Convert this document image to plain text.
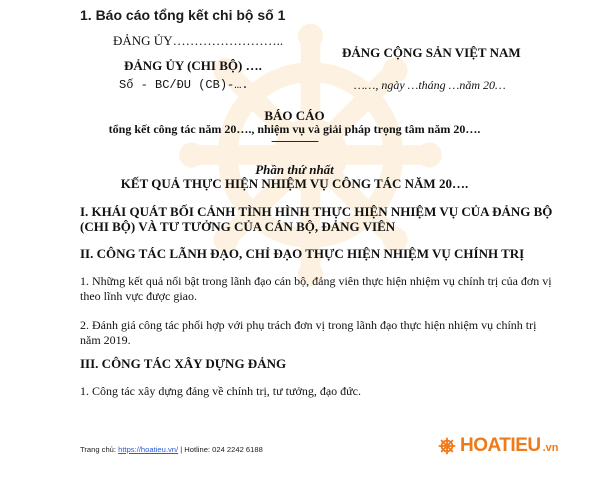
1. Báo cáo tổng kết chi bộ số 1
ĐẢNG ỦY……………………..
ĐẢNG CỘNG SẢN VIỆT NAM
ĐẢNG ỦY (CHI BỘ) ….
Số - BC/ĐU (CB)-….	……, ngày …tháng …năm 20…
BÁO CÁO
tổng kết công tác năm 20…., nhiệm vụ và giải pháp trọng tâm năm 20….
--------------------
Phần thứ nhất
KẾT QUẢ THỰC HIỆN NHIỆM VỤ CÔNG TÁC NĂM 20….
I. KHÁI QUÁT BỐI CẢNH TÌNH HÌNH THỰC HIỆN NHIỆM VỤ CỦA ĐẢNG BỘ (CHI BỘ) VÀ TƯ TƯỞNG CỦA CÁN BỘ, ĐẢNG VIÊN
II. CÔNG TÁC LÃNH ĐẠO, CHỈ ĐẠO THỰC HIỆN NHIỆM VỤ CHÍNH TRỊ
1. Những kết quả nổi bật trong lãnh đạo cán bộ, đảng viên thực hiện nhiệm vụ chính trị của đơn vị theo lĩnh vực được giao.
2. Đánh giá công tác phối hợp với phụ trách đơn vị trong lãnh đạo thực hiện nhiệm vụ chính trị năm 2019.
III. CÔNG TÁC XÂY DỰNG ĐẢNG
1. Công tác xây dựng đảng về chính trị, tư tưởng, đạo đức.
Trang chủ: https://hoatieu.vn/ | Hotline: 024 2242 6188	HOATIEU .vn
